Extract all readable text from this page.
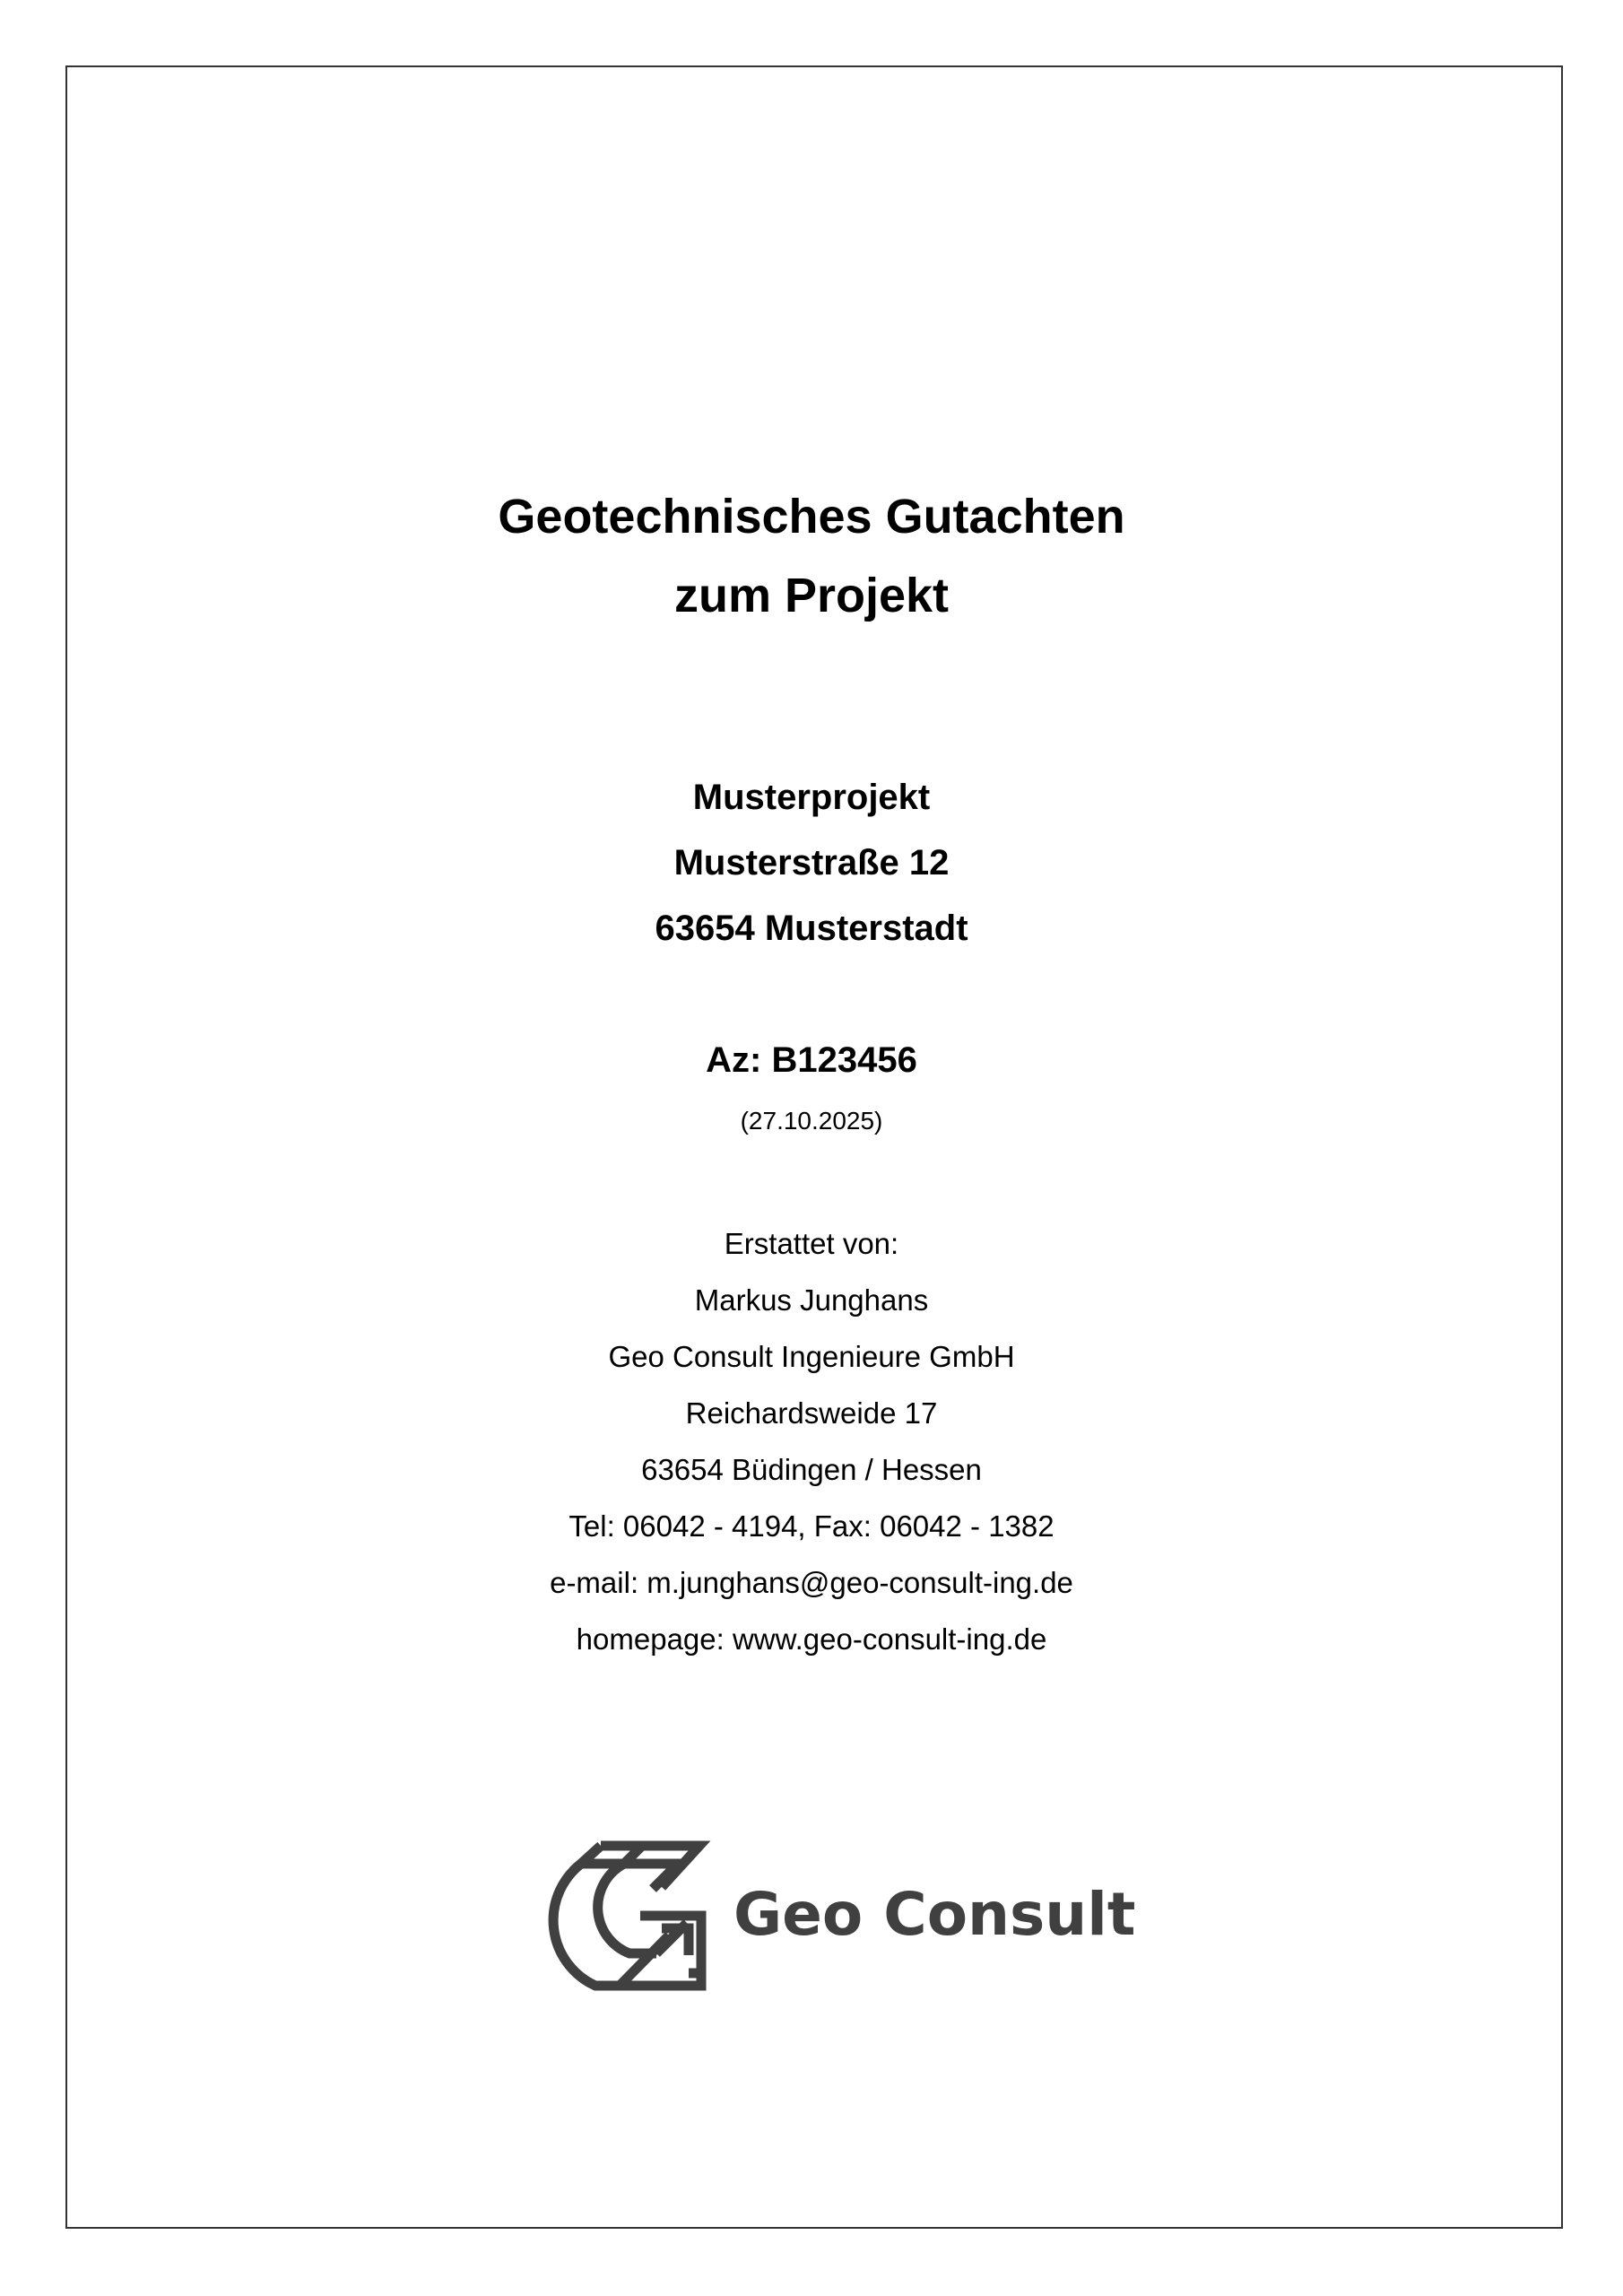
Geotechnisches Gutachten
zum Projekt
Musterprojekt
Musterstraße 12
63654 Musterstadt
Az: B123456
(27.10.2025)
Erstattet von:
Markus Junghans
Geo Consult Ingenieure GmbH
Reichardsweide 17
63654 Büdingen / Hessen
Tel: 06042 - 4194, Fax: 06042 - 1382
e-mail: m.junghans@geo-consult-ing.de
homepage: www.geo-consult-ing.de
Geo Consult
